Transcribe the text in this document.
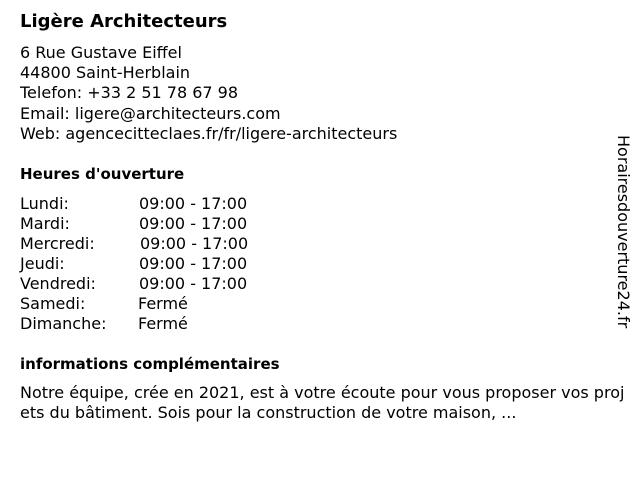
Ligère Architecteurs
6 Rue Gustave Eiffel
44800 Saint-Herblain
Telefon: +33 2 51 78 67 98
Email: ligere@architecteurs.com
Web: agencecitteclaes.fr/fr/ligere-architecteurs
Heures d'ouverture
Lundi:	09:00 - 17:00
Mardi:	09:00 - 17:00
Mercredi:	09:00 - 17:00
Jeudi:	09:00 - 17:00
Vendredi:	09:00 - 17:00
Samedi:	Fermé
Dimanche: Fermé
informations complémentaires
Notre équipe, crée en 2021, est à votre écoute pour vous proposer vos projets du bâtiment. Sois pour la construction de votre maison, ...
Horairesdouverture24.fr
